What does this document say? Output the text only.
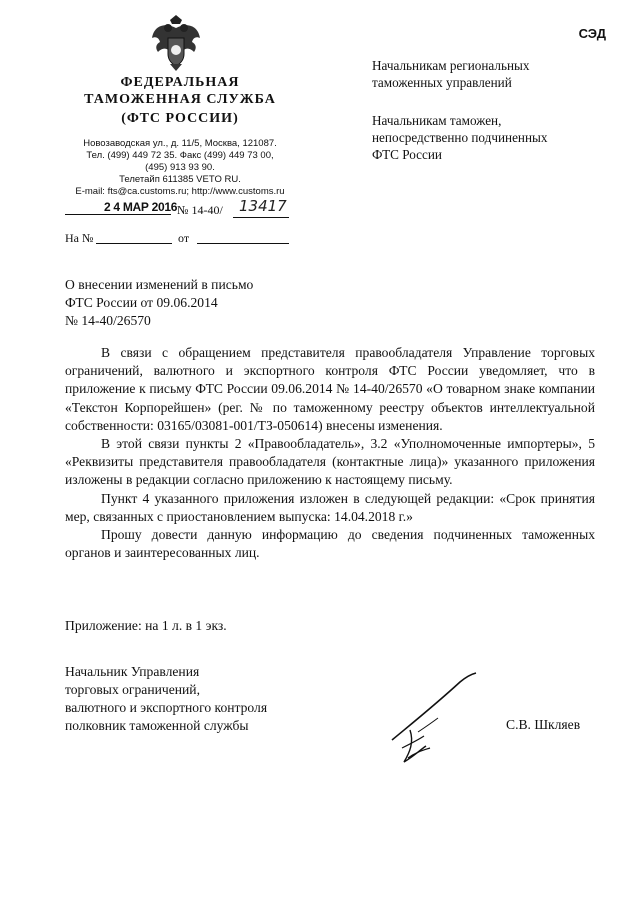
ФЕДЕРАЛЬНАЯ
ТАМОЖЕННАЯ СЛУЖБА
(ФТС РОССИИ)
Новозаводская ул., д. 11/5, Москва, 121087.
Тел. (499) 449 72 35. Факс (499) 449 73 00,
(495) 913 93 90.
Телетайп 611385 VETO RU.
E-mail: fts@ca.customs.ru; http://www.customs.ru
СЭД
2 4 МАР 2016 № 14-40/ 13417
На №	от
Начальникам региональных
таможенных управлений
Начальникам таможен,
непосредственно подчиненных
ФТС России
О внесении изменений в письмо
ФТС России от 09.06.2014
№ 14-40/26570

В связи с обращением представителя правообладателя Управление торговых ограничений, валютного и экспортного контроля ФТС России уведомляет, что в приложение к письму ФТС России 09.06.2014 № 14-40/26570 «О товарном знаке компании «Текстон Корпорейшен» (рег. № по таможенному реестру объектов интеллектуальной собственности: 03165/03081-001/ТЗ-050614) внесены изменения.

В этой связи пункты 2 «Правообладатель», 3.2 «Уполномоченные импортеры», 5 «Реквизиты представителя правообладателя (контактные лица)» указанного приложения изложены в редакции согласно приложению к настоящему письму.

Пункт 4 указанного приложения изложен в следующей редакции: «Срок принятия мер, связанных с приостановлением выпуска: 14.04.2018 г.»

Прошу довести данную информацию до сведения подчиненных таможенных органов и заинтересованных лиц.

Приложение: на 1 л. в 1 экз.
Начальник Управления
торговых ограничений,
валютного и экспортного контроля
полковник таможенной службы	С.В. Шкляев
